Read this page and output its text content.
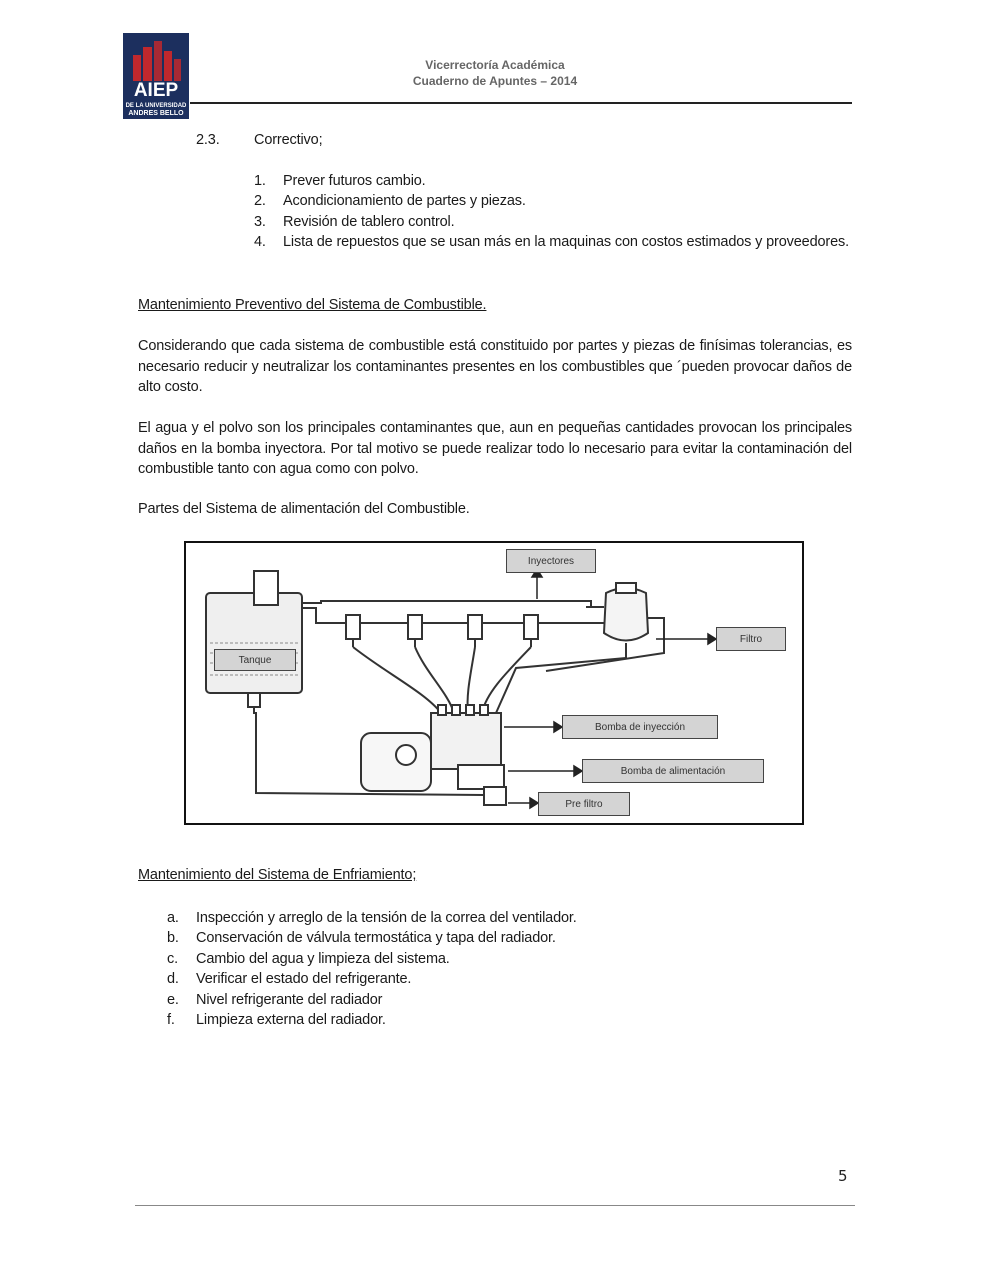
AIEP
DE LA UNIVERSIDAD
ANDRES BELLO
Vicerrectoría Académica
Cuaderno de Apuntes – 2014
2.3. Correctivo;
1. Prever futuros cambio.
2. Acondicionamiento de partes y piezas.
3. Revisión de tablero control.
4. Lista de repuestos que se usan más en la maquinas con costos estimados y proveedores.
Mantenimiento Preventivo del Sistema de Combustible.
Considerando que cada sistema de combustible está constituido por partes y piezas de finísimas tolerancias, es necesario reducir y neutralizar los contaminantes presentes en los combustibles que ´pueden provocar daños de alto costo.
El agua y el polvo son los principales contaminantes que, aun en pequeñas cantidades provocan los principales daños en la bomba inyectora. Por tal motivo se puede realizar todo lo necesario para evitar la contaminación del combustible tanto con agua como con polvo.
Partes del Sistema de alimentación del Combustible.
Inyectores
Filtro
Tanque
Bomba de inyección
Bomba de alimentación
Pre filtro
Mantenimiento del Sistema de Enfriamiento;
a. Inspección y arreglo de la tensión de la correa del ventilador.
b. Conservación de válvula termostática y tapa del radiador.
c. Cambio del agua y limpieza del sistema.
d. Verificar el estado del refrigerante.
e. Nivel refrigerante del radiador
f. Limpieza externa del radiador.
5
